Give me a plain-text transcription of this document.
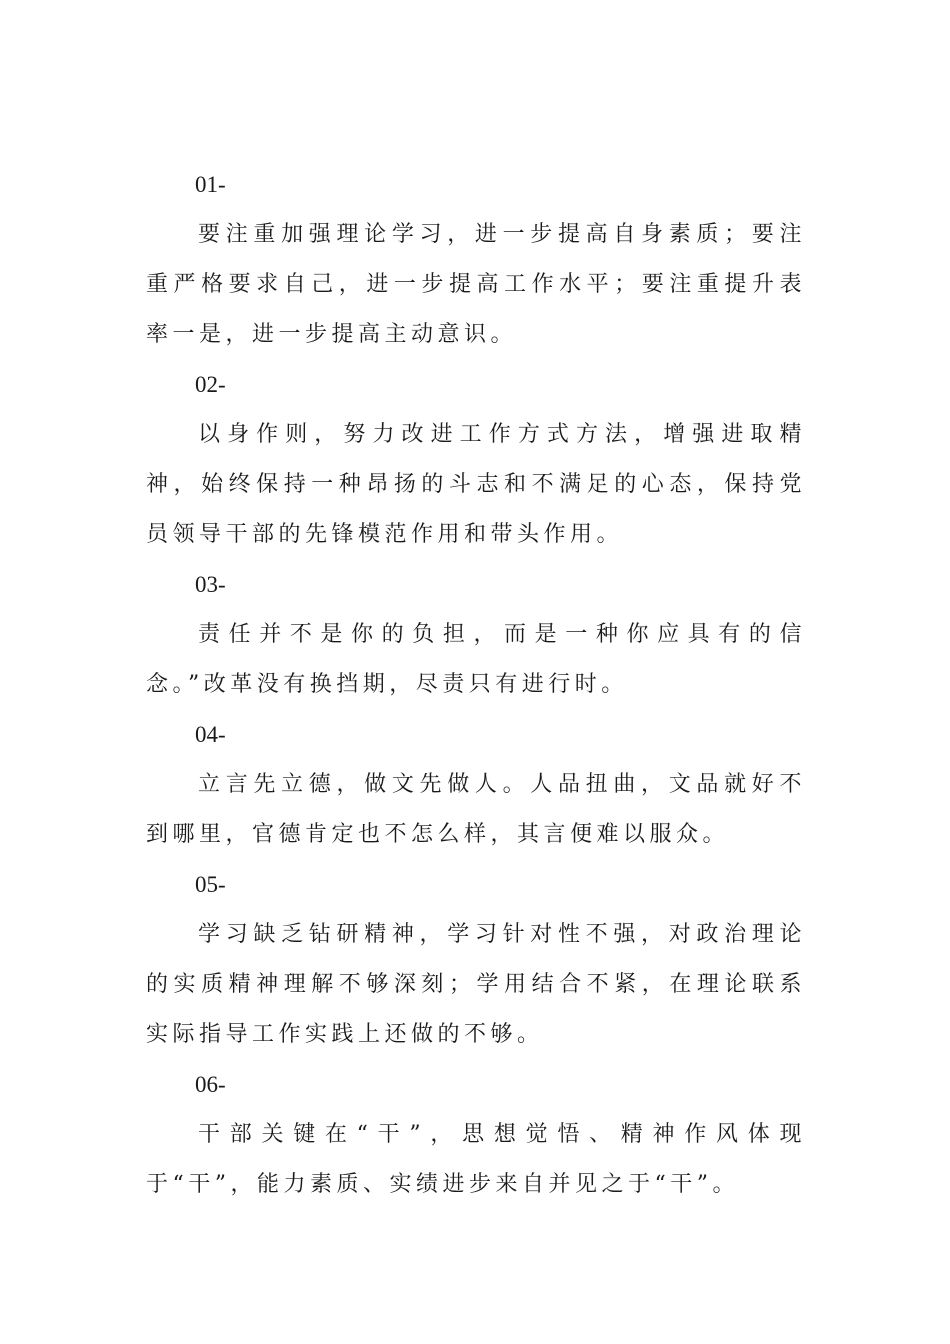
01-

要注重加强理论学习，进一步提高自身素质；要注重严格要求自己，进一步提高工作水平；要注重提升表率一是，进一步提高主动意识。

02-

以身作则，努力改进工作方式方法，增强进取精神，始终保持一种昂扬的斗志和不满足的心态，保持党员领导干部的先锋模范作用和带头作用。

03-

责任并不是你的负担，而是一种你应具有的信念。”改革没有换挡期，尽责只有进行时。

04-

立言先立德，做文先做人。人品扭曲，文品就好不到哪里，官德肯定也不怎么样，其言便难以服众。

05-

学习缺乏钻研精神，学习针对性不强，对政治理论的实质精神理解不够深刻；学用结合不紧，在理论联系实际指导工作实践上还做的不够。

06-

干部关键在“干”，思想觉悟、精神作风体现于“干”，能力素质、实绩进步来自并见之于“干”。
